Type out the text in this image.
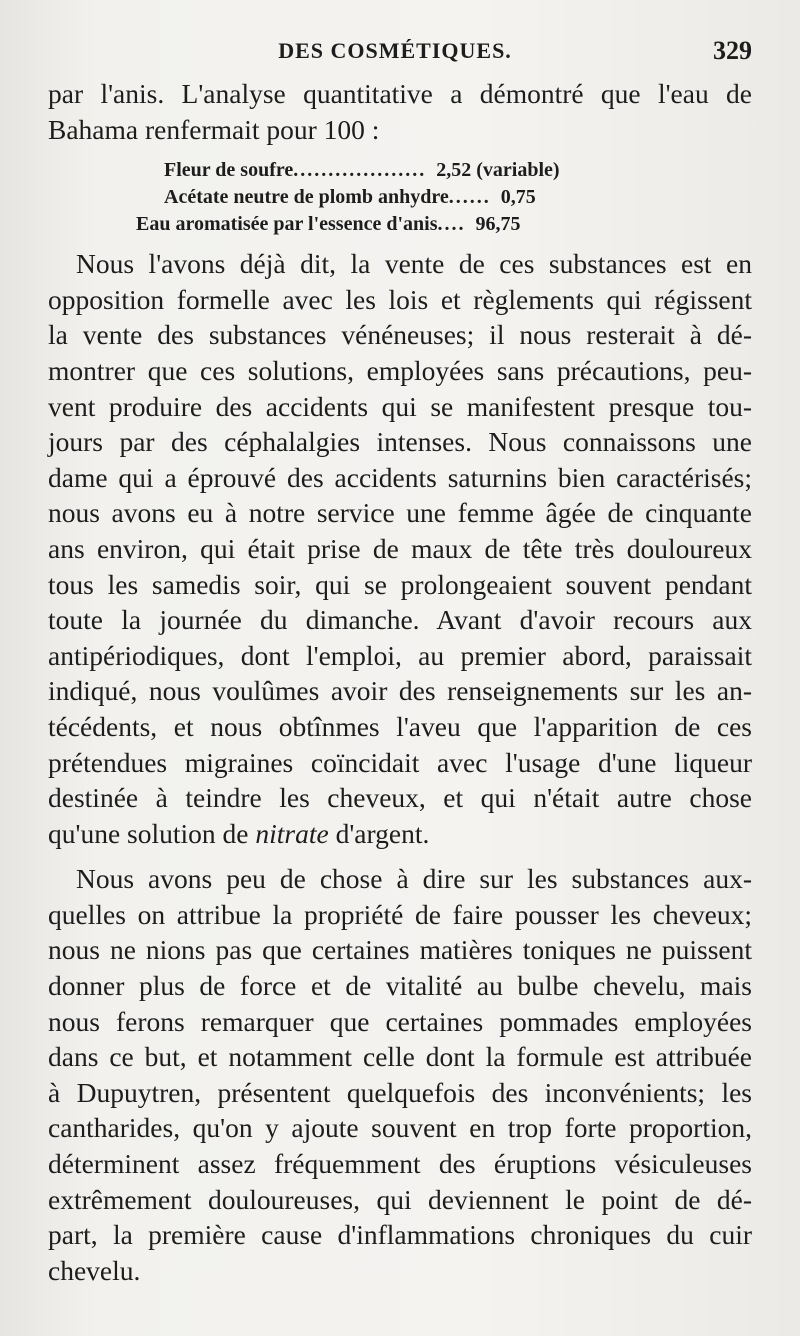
DES COSMÉTIQUES.	329
par l'anis. L'analyse quantitative a démontré que l'eau de
Bahama renfermait pour 100 :
Fleur de soufre ................... 2,52 (variable)
Acétate neutre de plomb anhydre ...... 0,75
Eau aromatisée par l'essence d'anis .... 96,75
Nous l'avons déjà dit, la vente de ces substances est en
opposition formelle avec les lois et règlements qui régissent
la vente des substances vénéneuses; il nous resterait à dé-
montrer que ces solutions, employées sans précautions, peu-
vent produire des accidents qui se manifestent presque tou-
jours par des céphalalgies intenses. Nous connaissons une
dame qui a éprouvé des accidents saturnins bien caractérisés;
nous avons eu à notre service une femme âgée de cinquante
ans environ, qui était prise de maux de tête très douloureux
tous les samedis soir, qui se prolongeaient souvent pendant
toute la journée du dimanche. Avant d'avoir recours aux
antipériodiques, dont l'emploi, au premier abord, paraissait
indiqué, nous voulûmes avoir des renseignements sur les an-
técédents, et nous obtînmes l'aveu que l'apparition de ces
prétendues migraines coïncidait avec l'usage d'une liqueur
destinée à teindre les cheveux, et qui n'était autre chose
qu'une solution de nitrate d'argent.
Nous avons peu de chose à dire sur les substances aux-
quelles on attribue la propriété de faire pousser les cheveux;
nous ne nions pas que certaines matières toniques ne puissent
donner plus de force et de vitalité au bulbe chevelu, mais
nous ferons remarquer que certaines pommades employées
dans ce but, et notamment celle dont la formule est attribuée
à Dupuytren, présentent quelquefois des inconvénients; les
cantharides, qu'on y ajoute souvent en trop forte proportion,
déterminent assez fréquemment des éruptions vésiculeuses
extrêmement douloureuses, qui deviennent le point de dé-
part, la première cause d'inflammations chroniques du cuir
chevelu.
